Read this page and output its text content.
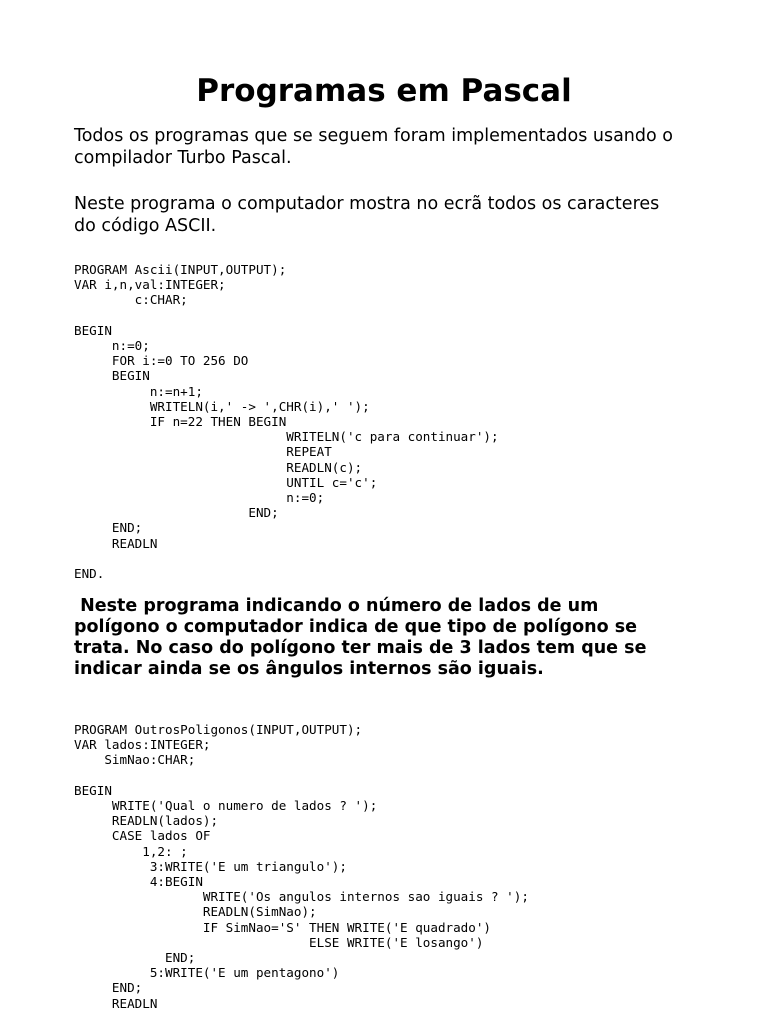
Programas em Pascal

Todos os programas que se seguem foram implementados usando o
compilador Turbo Pascal.

Neste programa o computador mostra no ecrã todos os caracteres
do código ASCII.

PROGRAM Ascii(INPUT,OUTPUT);
VAR i,n,val:INTEGER;
c:CHAR;

BEGIN
n:=0;
FOR i:=0 TO 256 DO
BEGIN
n:=n+1;
WRITELN(i,' -> ',CHR(i),' ');
IF n=22 THEN BEGIN
WRITELN('c para continuar');
REPEAT
READLN(c);
UNTIL c='c';
n:=0;
END;
END;
READLN

END.

Neste programa indicando o número de lados de um
polígono o computador indica de que tipo de polígono se
trata. No caso do polígono ter mais de 3 lados tem que se
indicar ainda se os ângulos internos são iguais.

PROGRAM OutrosPoligonos(INPUT,OUTPUT);
VAR lados:INTEGER;
SimNao:CHAR;

BEGIN
WRITE('Qual o numero de lados ? ');
READLN(lados);
CASE lados OF
1,2: ;
3:WRITE('E um triangulo');
4:BEGIN
WRITE('Os angulos internos sao iguais ? ');
READLN(SimNao);
IF SimNao='S' THEN WRITE('E quadrado')
ELSE WRITE('E losango')
END;
5:WRITE('E um pentagono')
END;
READLN
